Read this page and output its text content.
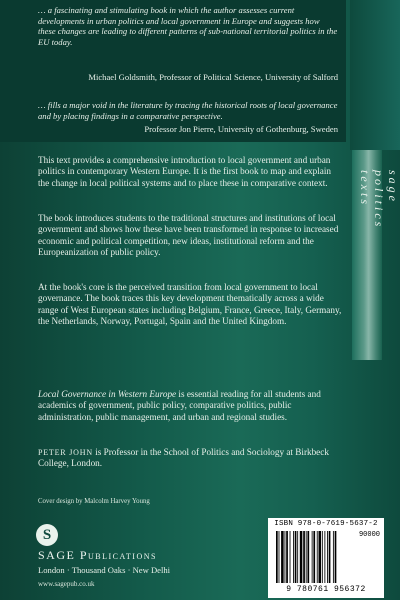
… a fascinating and stimulating book in which the author assesses current developments in urban politics and local government in Europe and suggests how these changes are leading to different patterns of sub-national territorial politics in the EU today.
Michael Goldsmith, Professor of Political Science, University of Salford
… fills a major void in the literature by tracing the historical roots of local governance and by placing findings in a comparative perspective.
Professor Jon Pierre, University of Gothenburg, Sweden
sage
politics
texts
This text provides a comprehensive introduction to local government and urban politics in contemporary Western Europe. It is the first book to map and explain the change in local political systems and to place these in comparative context.
The book introduces students to the traditional structures and institutions of local government and shows how these have been transformed in response to increased economic and political competition, new ideas, institutional reform and the Europeanization of public policy.
At the book's core is the perceived transition from local government to local governance. The book traces this key development thematically across a wide range of West European states including Belgium, France, Greece, Italy, Germany, the Netherlands, Norway, Portugal, Spain and the United Kingdom.
Local Governance in Western Europe is essential reading for all students and academics of government, public policy, comparative politics, public administration, public management, and urban and regional studies.
PETER JOHN is Professor in the School of Politics and Sociology at Birkbeck College, London.
Cover design by Malcolm Harvey Young
S
SAGE Publications
London · Thousand Oaks · New Delhi
www.sagepub.co.uk
ISBN 978-0-7619-5637-2
90000
9 780761 956372
